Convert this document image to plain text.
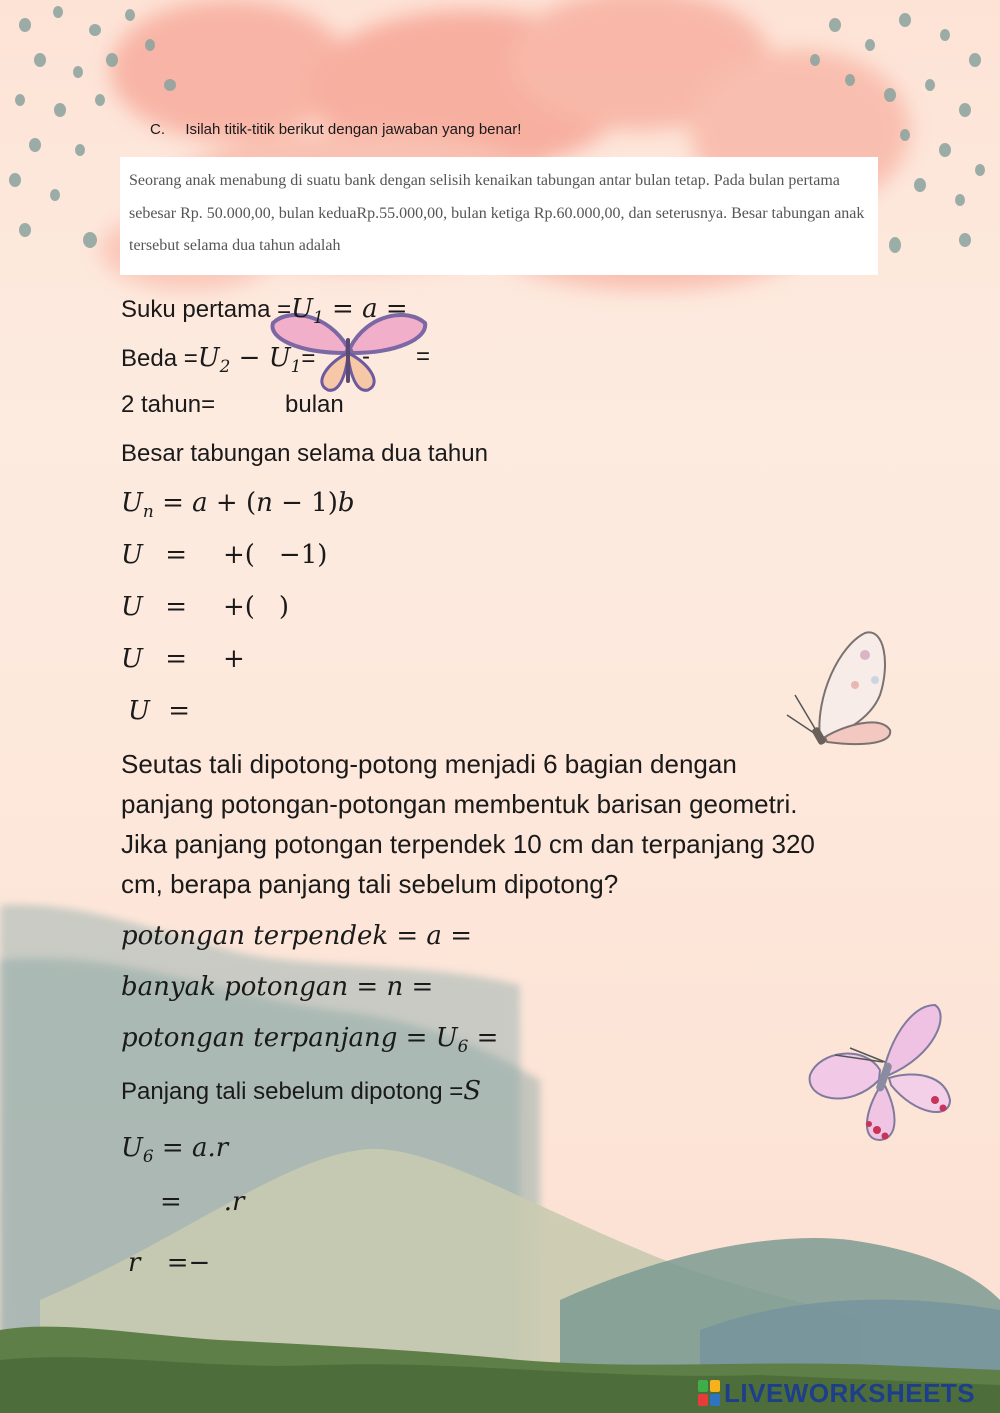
C. Isilah titik-titik berikut dengan jawaban yang benar!
Seorang anak menabung di suatu bank dengan selisih kenaikan tabungan antar bulan tetap. Pada bulan pertama sebesar Rp. 50.000,00, bulan keduaRp.55.000,00, bulan ketiga Rp.60.000,00, dan seterusnya. Besar tabungan anak tersebut selama dua tahun adalah
Suku pertama $=U_1 = a$ =
Beda $=U_2 - U_1=$ - =
2 tahun=	bulan
Besar tabungan selama dua tahun
$U_n = a + (n - 1)b$
U = +( −1)
U = +( )
U = +
U =
Seutas tali dipotong-potong menjadi 6 bagian dengan
panjang potongan-potongan membentuk barisan geometri.
Jika panjang potongan terpendek 10 cm dan terpanjang 320
cm, berapa panjang tali sebelum dipotong?
potongan terpendek = a =
banyak potongan = n =
potongan terpanjang = $U_6$ =
Panjang tali sebelum dipotong =S
$U_6 = a.r$
= .r
r =−
LIVEWORKSHEETS
